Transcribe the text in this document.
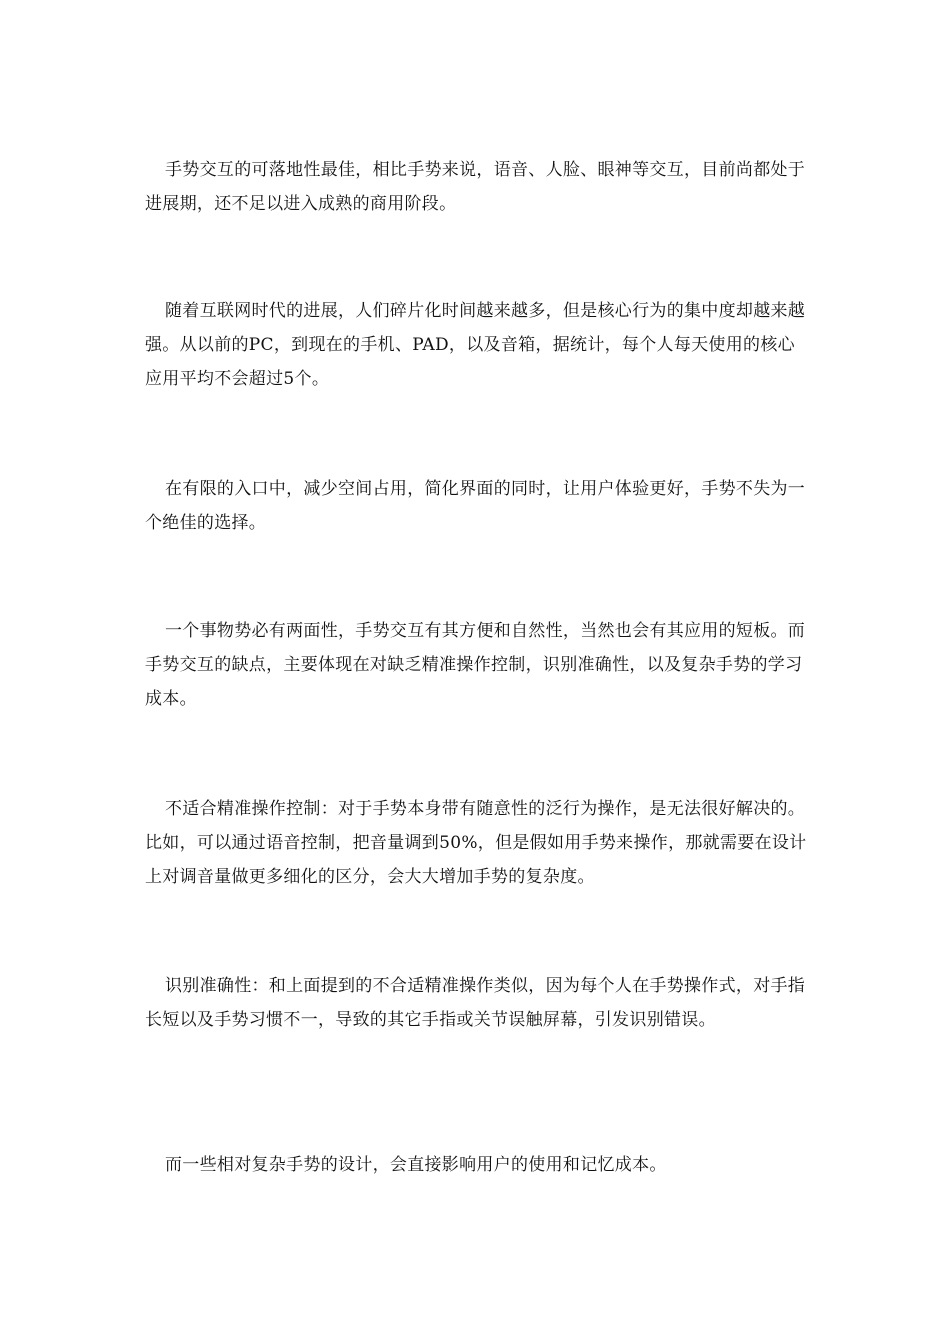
手势交互的可落地性最佳，相比手势来说，语音、人脸、眼神等交互，目前尚都处于进展期，还不足以进入成熟的商用阶段。

随着互联网时代的进展，人们碎片化时间越来越多，但是核心行为的集中度却越来越强。从以前的PC，到现在的手机、PAD，以及音箱，据统计，每个人每天使用的核心应用平均不会超过5个。

在有限的入口中，减少空间占用，简化界面的同时，让用户体验更好，手势不失为一个绝佳的选择。

一个事物势必有两面性，手势交互有其方便和自然性，当然也会有其应用的短板。而手势交互的缺点，主要体现在对缺乏精准操作控制，识别准确性，以及复杂手势的学习成本。

不适合精准操作控制：对于手势本身带有随意性的泛行为操作，是无法很好解决的。比如，可以通过语音控制，把音量调到50%，但是假如用手势来操作，那就需要在设计上对调音量做更多细化的区分，会大大增加手势的复杂度。

识别准确性：和上面提到的不合适精准操作类似，因为每个人在手势操作式，对手指长短以及手势习惯不一，导致的其它手指或关节误触屏幕，引发识别错误。

而一些相对复杂手势的设计，会直接影响用户的使用和记忆成本。
